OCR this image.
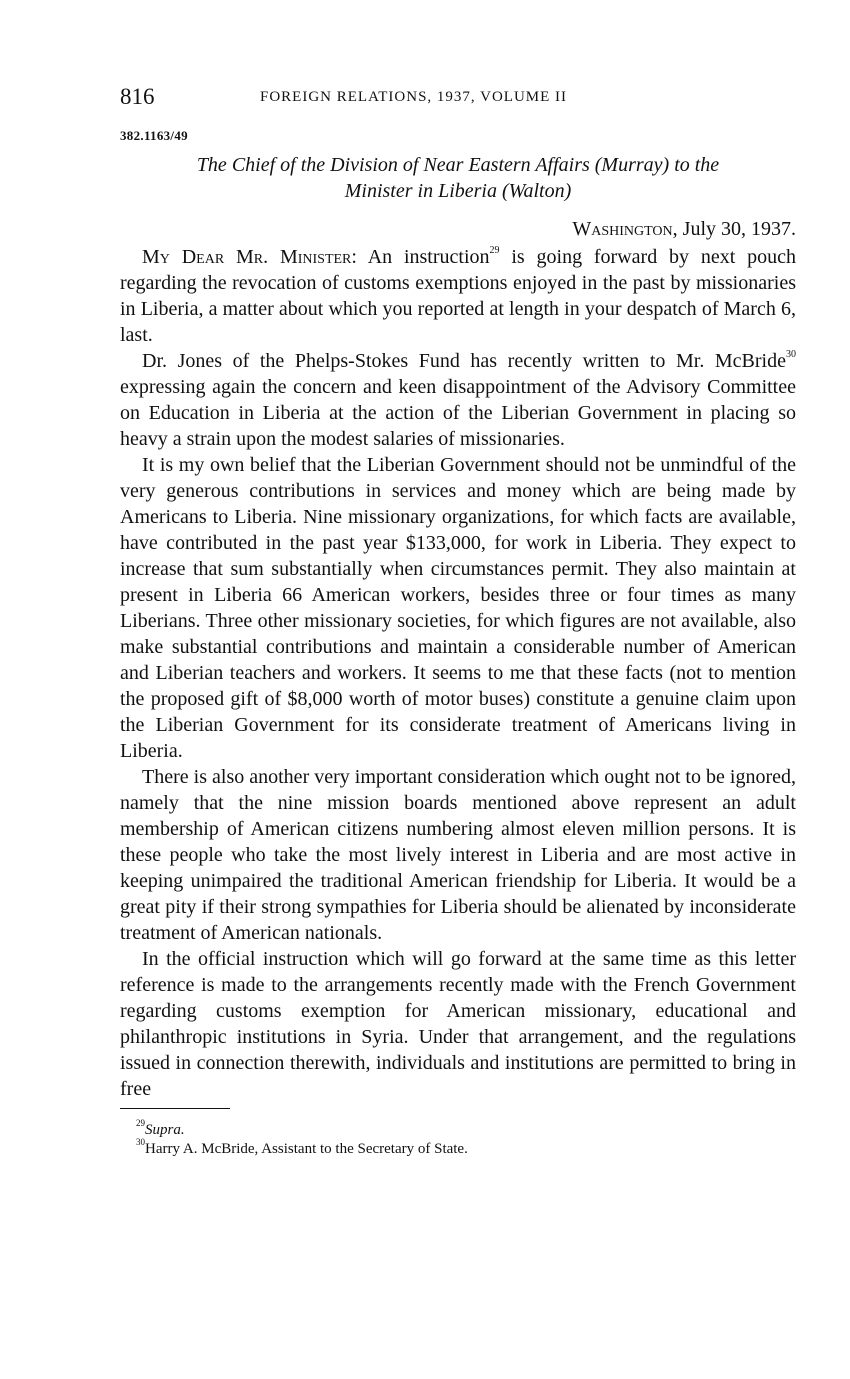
816	FOREIGN RELATIONS, 1937, VOLUME II
382.1163/49
The Chief of the Division of Near Eastern Affairs (Murray) to the
Minister in Liberia (Walton)
Washington, July 30, 1937.

My Dear Mr. Minister: An instruction$^{29}$ is going forward by next pouch regarding the revocation of customs exemptions enjoyed in the past by missionaries in Liberia, a matter about which you reported at length in your despatch of March 6, last.

Dr. Jones of the Phelps-Stokes Fund has recently written to Mr. McBride$^{30}$ expressing again the concern and keen disappointment of the Advisory Committee on Education in Liberia at the action of the Liberian Government in placing so heavy a strain upon the modest salaries of missionaries.

It is my own belief that the Liberian Government should not be unmindful of the very generous contributions in services and money which are being made by Americans to Liberia. Nine missionary organizations, for which facts are available, have contributed in the past year $133,000, for work in Liberia. They expect to increase that sum substantially when circumstances permit. They also maintain at present in Liberia 66 American workers, besides three or four times as many Liberians. Three other missionary societies, for which figures are not available, also make substantial contributions and maintain a considerable number of American and Liberian teachers and workers. It seems to me that these facts (not to mention the proposed gift of $8,000 worth of motor buses) constitute a genuine claim upon the Liberian Government for its considerate treatment of Americans living in Liberia.

There is also another very important consideration which ought not to be ignored, namely that the nine mission boards mentioned above represent an adult membership of American citizens numbering almost eleven million persons. It is these people who take the most lively interest in Liberia and are most active in keeping unimpaired the traditional American friendship for Liberia. It would be a great pity if their strong sympathies for Liberia should be alienated by inconsiderate treatment of American nationals.

In the official instruction which will go forward at the same time as this letter reference is made to the arrangements recently made with the French Government regarding customs exemption for American missionary, educational and philanthropic institutions in Syria. Under that arrangement, and the regulations issued in connection therewith, individuals and institutions are permitted to bring in free

$^{29}$Supra.
$^{30}$Harry A. McBride, Assistant to the Secretary of State.
